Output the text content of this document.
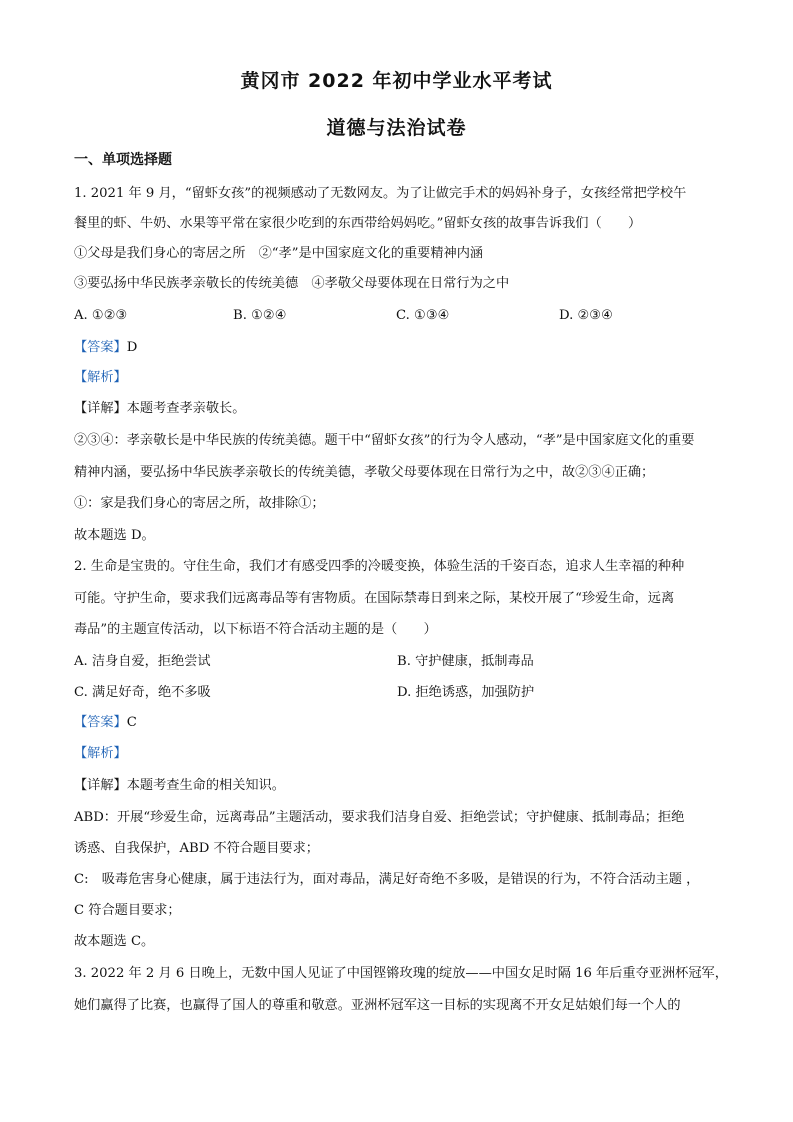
黄冈市 2022 年初中学业水平考试
道德与法治试卷
一、单项选择题
1. 2021 年 9 月，“留虾女孩”的视频感动了无数网友。为了让做完手术的妈妈补身子，女孩经常把学校午
餐里的虾、牛奶、水果等平常在家很少吃到的东西带给妈妈吃。”留虾女孩的故事告诉我们（　　）
①父母是我们身心的寄居之所　②“孝”是中国家庭文化的重要精神内涵
③要弘扬中华民族孝亲敬长的传统美德　④孝敬父母要体现在日常行为之中
A. ①②③	B. ①②④	C. ①③④	D. ②③④
【答案】D
【解析】
【详解】本题考查孝亲敬长。
②③④：孝亲敬长是中华民族的传统美德。题干中“留虾女孩”的行为令人感动，“孝”是中国家庭文化的重要
精神内涵，要弘扬中华民族孝亲敬长的传统美德，孝敬父母要体现在日常行为之中，故②③④正确；
①：家是我们身心的寄居之所，故排除①；
故本题选 D。
2. 生命是宝贵的。守住生命，我们才有感受四季的冷暖变换，体验生活的千姿百态，追求人生幸福的种种
可能。守护生命，要求我们远离毒品等有害物质。在国际禁毒日到来之际，某校开展了“珍爱生命，远离
毒品”的主题宣传活动，以下标语不符合活动主题的是（　　）
A. 洁身自爱，拒绝尝试	B. 守护健康，抵制毒品
C. 满足好奇，绝不多吸	D. 拒绝诱惑，加强防护
【答案】C
【解析】
【详解】本题考查生命的相关知识。
ABD：开展“珍爱生命，远离毒品”主题活动，要求我们洁身自爱、拒绝尝试；守护健康、抵制毒品；拒绝
诱惑、自我保护，ABD 不符合题目要求；
C:　吸毒危害身心健康，属于违法行为，面对毒品，满足好奇绝不多吸，是错误的行为，不符合活动主题 ，
C 符合题目要求；
故本题选 C。
3. 2022 年 2 月 6 日晚上，无数中国人见证了中国铿锵玫瑰的绽放——中国女足时隔 16 年后重夺亚洲杯冠军，
她们赢得了比赛，也赢得了国人的尊重和敬意。亚洲杯冠军这一目标的实现离不开女足姑娘们每一个人的
